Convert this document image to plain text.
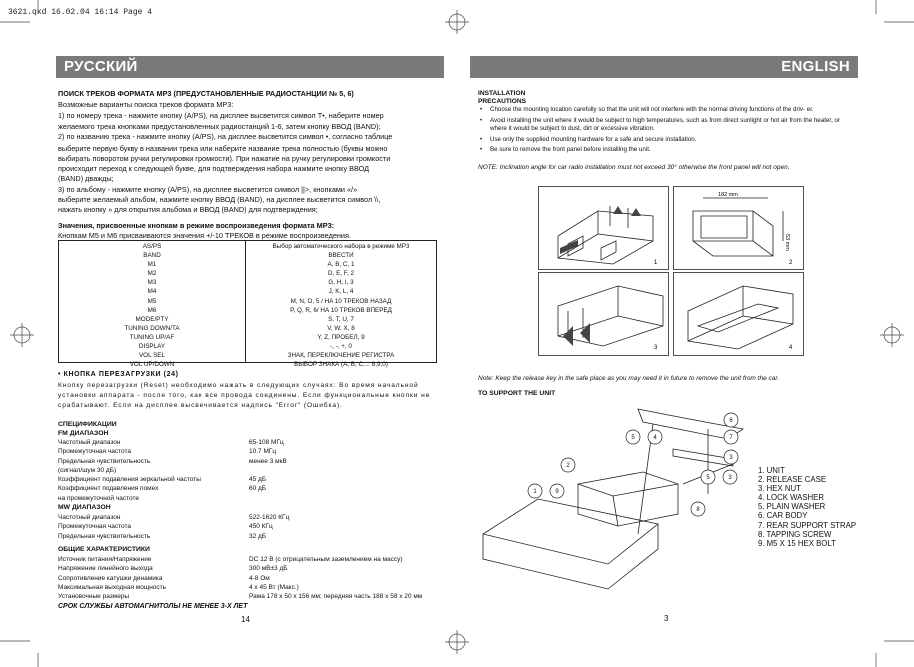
3621.qxd 16.02.04 16:14 Page 4
РУССКИЙ
ПОИСК ТРЕКОВ ФОРМАТА MP3 (ПРЕДУСТАНОВЛЕННЫЕ РАДИОСТАНЦИИ № 5, 6)
Возможные варианты поиска треков формата MP3:
1) по номеру трека - нажмите кнопку (A/PS), на дисплее высветится символ T•, наберите номер
желаемого трека кнопками предустановленных радиостанций 1-6, затем кнопку ВВОД (BAND);
2) по названию трека - нажмите кнопку (A/PS), на дисплее высветится символ •, согласно таблице
выберите первую букву в названии трека или наберите название трека полностью (буквы можно
выбирать поворотом ручки регулировки громкости). При нажатие на ручку регулировки громкости
происходит переход к следующей букве, для подтверждения набора нажмите кнопку ВВОД
(BAND) дважды;
3) по альбому - нажмите кнопку (A/PS), на дисплее высветится символ ||>, кнопками «/»
выберите желаемый альбом, нажмите кнопку ВВОД (BAND), на дисплее высветится символ \\,
нажать кнопку » для открытия альбома и ВВОД (BAND) для подтверждения;
Значения, присвоенные кнопкам в режиме воспроизведения формата MP3:
Кнопкам M5 и M6 присваиваются значения +/-10 ТРЕКОВ в режиме воспроизведения.
AS/PS
BAND
M1
M2
M3
M4
M5
M6
MODE/PTY
TUNING DOWN/TA
TUNING UP/AF
DISPLAY
VOL SEL
VOL UP/DOWN
Выбор автоматического набора в режиме MP3
ВВЕСТИ
A, B, C, 1
D, E, F, 2
G, H, I, 3
J, K, L, 4
M, N, O, 5 / HA 10 ТРЕКОВ НАЗАД
P, Q, R, 6/ НА 10 ТРЕКОВ ВПЕРЕД
S, T, U, 7
V, W, X, 8
Y, Z, ПРОБЕЛ, 9
-, -, +, 0
ЗНАК, ПЕРЕКЛЮЧЕНИЕ РЕГИСТРА
ВЫБОР ЗНАКА (A, B, C.... 8,9,0)
• КНОПКА ПЕРЕЗАГРУЗКИ (24)
Кнопку перезагрузки (Reset) необходимо нажать в следующих случаях: Во время начальной
установки аппарата - после того, как все провода соединены. Если функциональные кнопки не
срабатывают. Если на дисплее высвечивается надпись "Error" (Ошибка).
СПЕЦИФИКАЦИИ
FM ДИАПАЗОН
Частотный диапазон
Промежуточная частота
Предельная чувствительность
(сигнал/шум 30 дБ)
Коэффициент подавления зеркальной частоты
Коэффициент подавления помех
на промежуточной частоте
65-108 МГц
10.7 МГц
менее 3 мкВ
45 дБ
60 дБ
MW ДИАПАЗОН
Частотный диапазон
Промежуточная частота
Предельная чувствительность
522-1620 КГц
450 КГц
32 дБ
ОБЩИЕ ХАРАКТЕРИСТИКИ
Источник питания/Напряжение
Напряжение линейного выхода
Сопротивление катушки динамика
Максимальная выходная мощность
Установочные размеры
DC 12 В (с отрицательным заземлением на массу)
300 мВ±3 дБ
4-8 Ом
4 x 45 Вт (Макс.)
Рама 178 x 50 x 156 мм; передняя часть 188 x 58 x 20 мм
СРОК СЛУЖБЫ АВТОМАГНИТОЛЫ НЕ МЕНЕЕ 3-Х ЛЕТ
14
ENGLISH
INSTALLATION
PRECAUTIONS
• Choose the mounting location carefully so that the unit will not interfere with the normal driving functions of the driv- er.
• Avoid installing the unit where it would be subject to high temperatures, such as from direct sunlight or hot air from the heater, or where it would be subject to dust, dirt or excessive vibration.
• Use only the supplied mounting hardware for a safe and secure installation.
• Be sure to remove the front panel before installing the unit.
NOTE: Inclination angle for car radio installation must not exceed 30° otherwise the front panel will not open.
182 mm
53 mm
1	2
3	4
Note: Keep the release key in the safe place as you may need it in future to remove the unit from the car.
TO SUPPORT THE UNIT
1
2
3
4
5
6
7
3
5
8
9
1. UNIT
2. RELEASE CASE
3. HEX NUT
4. LOCK WASHER
5. PLAIN WASHER
6. CAR BODY
7. REAR SUPPORT STRAP
8. TAPPING SCREW
9. M5 X 15 HEX BOLT
3
